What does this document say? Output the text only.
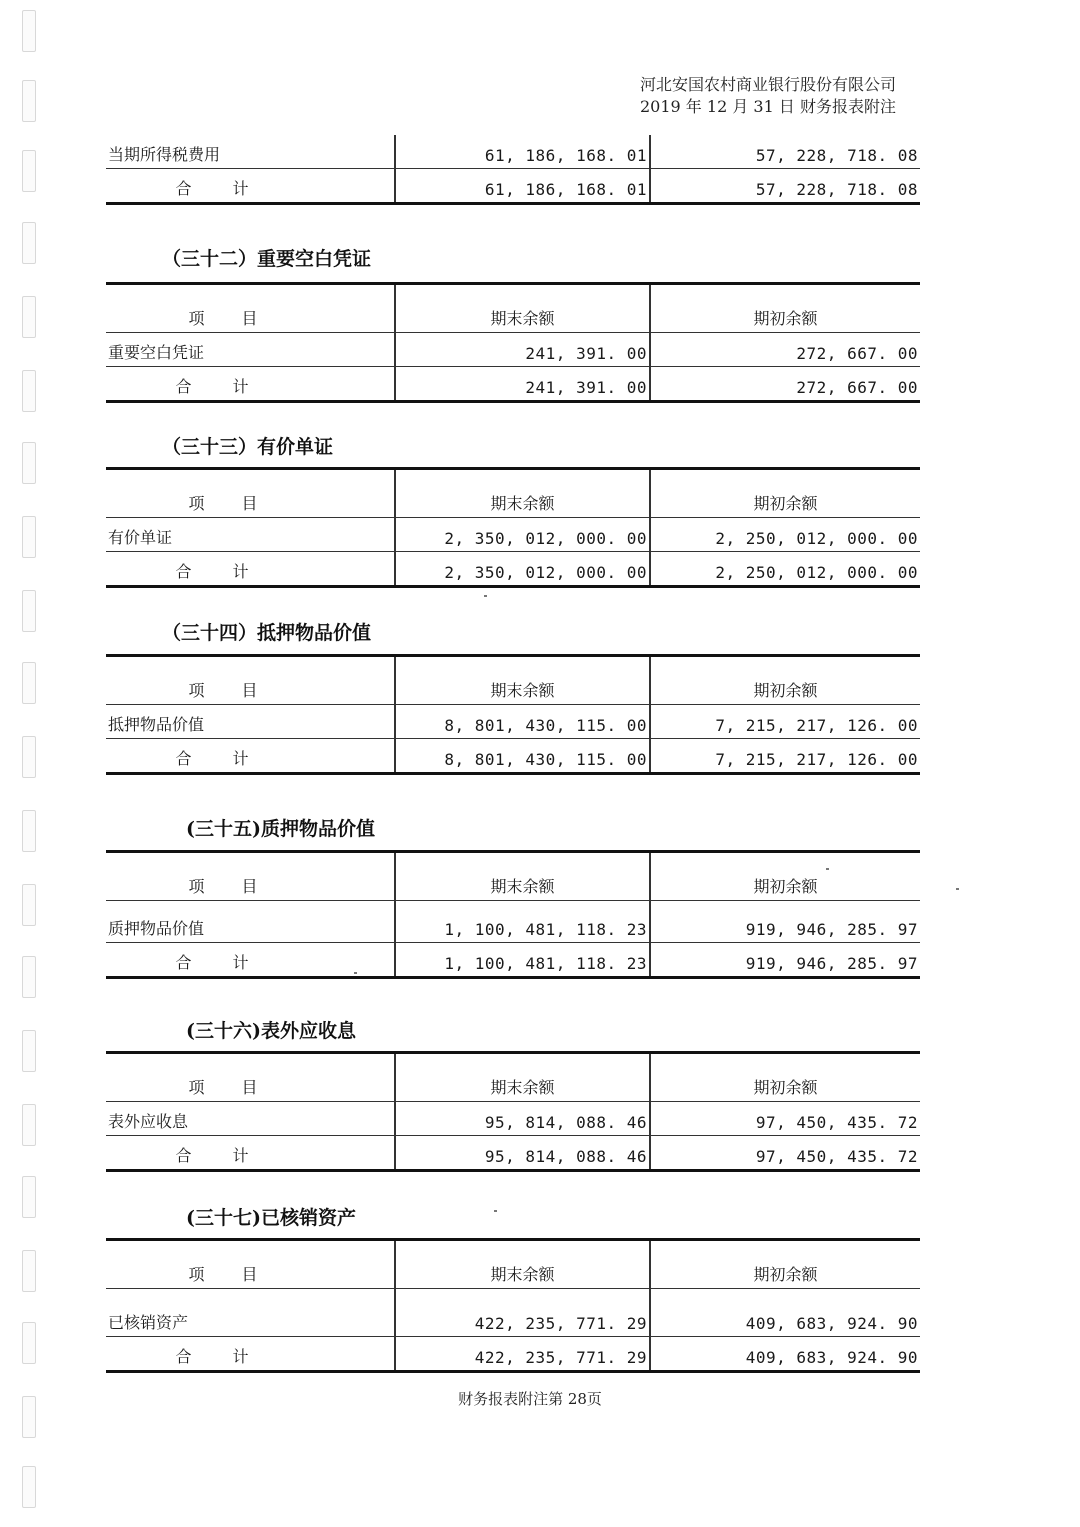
河北安国农村商业银行股份有限公司
2019 年 12 月 31 日 财务报表附注
当期所得税费用	61, 186, 168. 01	57, 228, 718. 08
合 计	61, 186, 168. 01	57, 228, 718. 08
（三十二）重要空白凭证
项 目	期末余额	期初余额
重要空白凭证	241, 391. 00	272, 667. 00
合 计	241, 391. 00	272, 667. 00
（三十三）有价单证
项 目	期末余额	期初余额
有价单证	2, 350, 012, 000. 00	2, 250, 012, 000. 00
合 计	2, 350, 012, 000. 00	2, 250, 012, 000. 00
（三十四）抵押物品价值
项 目	期末余额	期初余额
抵押物品价值	8, 801, 430, 115. 00	7, 215, 217, 126. 00
合 计	8, 801, 430, 115. 00	7, 215, 217, 126. 00
(三十五)质押物品价值
项 目	期末余额	期初余额
质押物品价值	1, 100, 481, 118. 23	919, 946, 285. 97
合 计	1, 100, 481, 118. 23	919, 946, 285. 97
(三十六)表外应收息
项 目	期末余额	期初余额
表外应收息	95, 814, 088. 46	97, 450, 435. 72
合 计	95, 814, 088. 46	97, 450, 435. 72
(三十七)已核销资产
项 目	期末余额	期初余额
已核销资产	422, 235, 771. 29	409, 683, 924. 90
合 计	422, 235, 771. 29	409, 683, 924. 90
财务报表附注第 28页
